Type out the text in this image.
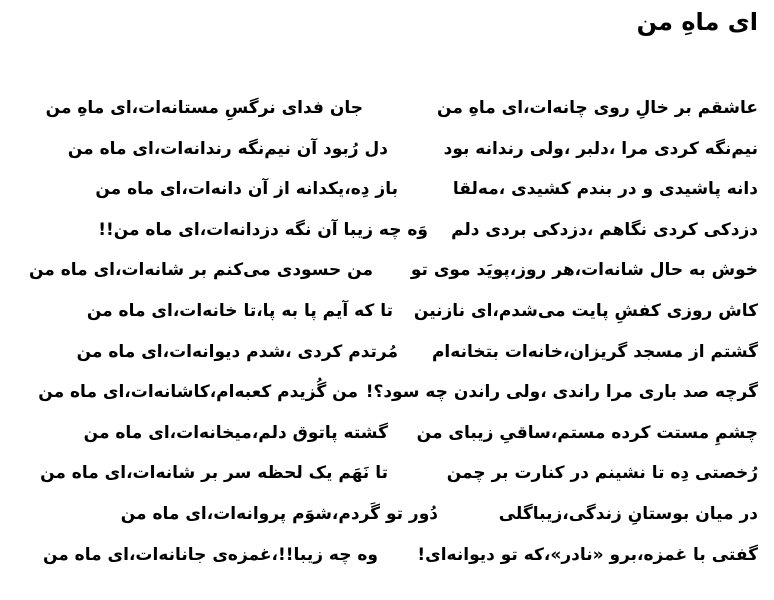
ای ماهِ من
عاشقم بر خالِ روی چانه‌ات،ای ماهِ من
جان فدای نرگسِ مستانه‌ات،ای ماهِ من
نیم‌نگه کردی مرا ،دلبر ،ولی رندانه بود
دل رُبود آن نیم‌نگه رندانه‌ات،ای ماه من
دانه پاشیدی و در بندم کشیدی ،مه‌لقا
باز دِه،یکدانه از آن دانه‌ات،ای ماه من
دزدکی کردی نگاهم ،دزدکی بردی دلم
وَه چه زیبا آن نگه دزدانه‌ات،ای ماه من!!
خوش به حال شانه‌ات،هر روز،پویَد موی تو
من حسودی می‌کنم بر شانه‌ات،ای ماه من
کاش روزی کفشِ پایت می‌شدم،ای نازنین
تا که آیم پا به پا،تا خانه‌ات،ای ماه من
گشتم از مسجد گریزان،خانه‌ات بتخانه‌ام
مُرتدم کردی ،شدم دیوانه‌ات،ای ماه من
گرچه صد باری مرا راندی ،ولی راندن چه سود؟!
من گُزیدم کعبه‌ام،کاشانه‌ات،ای ماه من
چشمِ مستت کرده مستم،ساقیِ زیبای من
گشته پاتوق دلم،میخانه‌ات،ای ماه من
رُخصتی دِه تا نشینم در کنارت بر چمن
تا نَهَم یک لحظه سر بر شانه‌ات،ای ماه من
در میان بوستانِ زندگی،زیباگلی
دُور تو گَردم،شوَم پروانه‌ات،ای ماه من
گفتی با غمزه،برو «نادر»،که تو دیوانه‌ای!
وه چه زیبا!!،غمزه‌ی جانانه‌ات،ای ماه من
